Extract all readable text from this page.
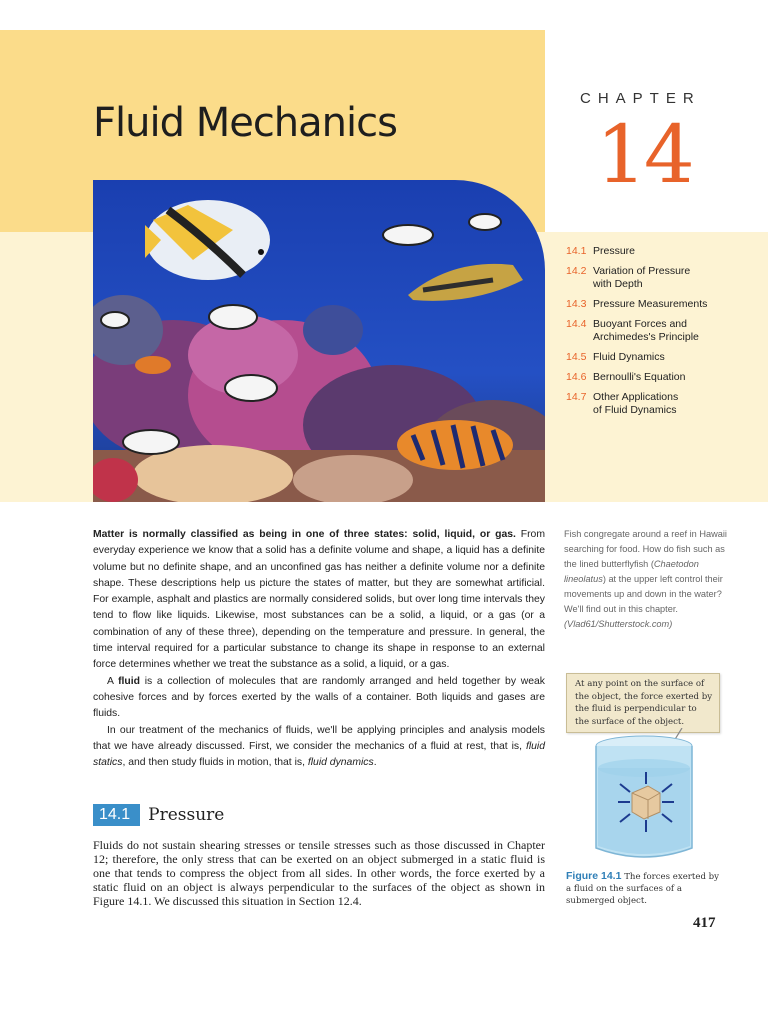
Fluid Mechanics
CHAPTER
14
14.1 Pressure
14.2 Variation of Pressure with Depth
14.3 Pressure Measurements
14.4 Buoyant Forces and Archimedes's Principle
14.5 Fluid Dynamics
14.6 Bernoulli's Equation
14.7 Other Applications of Fluid Dynamics

Matter is normally classified as being in one of three states: solid, liquid, or gas. From everyday experience we know that a solid has a definite volume and shape, a liquid has a definite volume but no definite shape, and an unconfined gas has neither a definite volume nor a definite shape. These descriptions help us picture the states of matter, but they are somewhat artificial. For example, asphalt and plastics are normally considered solids, but over long time intervals they tend to flow like liquids. Likewise, most substances can be a solid, a liquid, or a gas (or a combination of any of these three), depending on the temperature and pressure. In general, the time interval required for a particular substance to change its shape in response to an external force determines whether we treat the substance as a solid, a liquid, or a gas.

A fluid is a collection of molecules that are randomly arranged and held together by weak cohesive forces and by forces exerted by the walls of a container. Both liquids and gases are fluids.

In our treatment of the mechanics of fluids, we'll be applying principles and analysis models that we have already discussed. First, we consider the mechanics of a fluid at rest, that is, fluid statics, and then study fluids in motion, that is, fluid dynamics.

Fish congregate around a reef in Hawaii searching for food. How do fish such as the lined butterflyfish (Chaetodon lineolatus) at the upper left control their movements up and down in the water? We'll find out in this chapter. (Vlad61/Shutterstock.com)
At any point on the surface of the object, the force exerted by the fluid is perpendicular to the surface of the object.
Figure 14.1 The forces exerted by a fluid on the surfaces of a submerged object.
14.1	Pressure

Fluids do not sustain shearing stresses or tensile stresses such as those discussed in Chapter 12; therefore, the only stress that can be exerted on an object submerged in a static fluid is one that tends to compress the object from all sides. In other words, the force exerted by a static fluid on an object is always perpendicular to the surfaces of the object as shown in Figure 14.1. We discussed this situation in Section 12.4.

417
